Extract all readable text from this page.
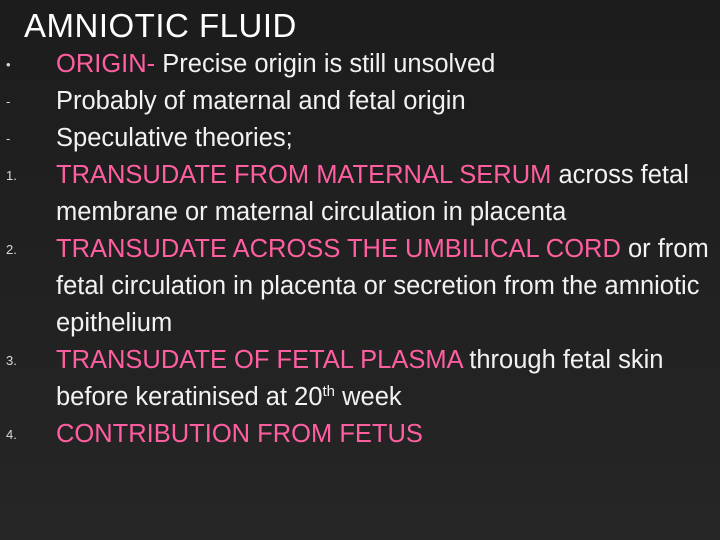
AMNIOTIC FLUID
•	ORIGIN- Precise origin is still unsolved
-	Probably of maternal and fetal origin
-	Speculative theories;
1.	TRANSUDATE FROM MATERNAL SERUM across fetal membrane or maternal circulation in placenta
2.	TRANSUDATE ACROSS THE UMBILICAL CORD or from fetal circulation in placenta or secretion from the amniotic epithelium
3.	TRANSUDATE OF FETAL PLASMA through fetal skin before keratinised at 20th week
4.	CONTRIBUTION FROM FETUS
